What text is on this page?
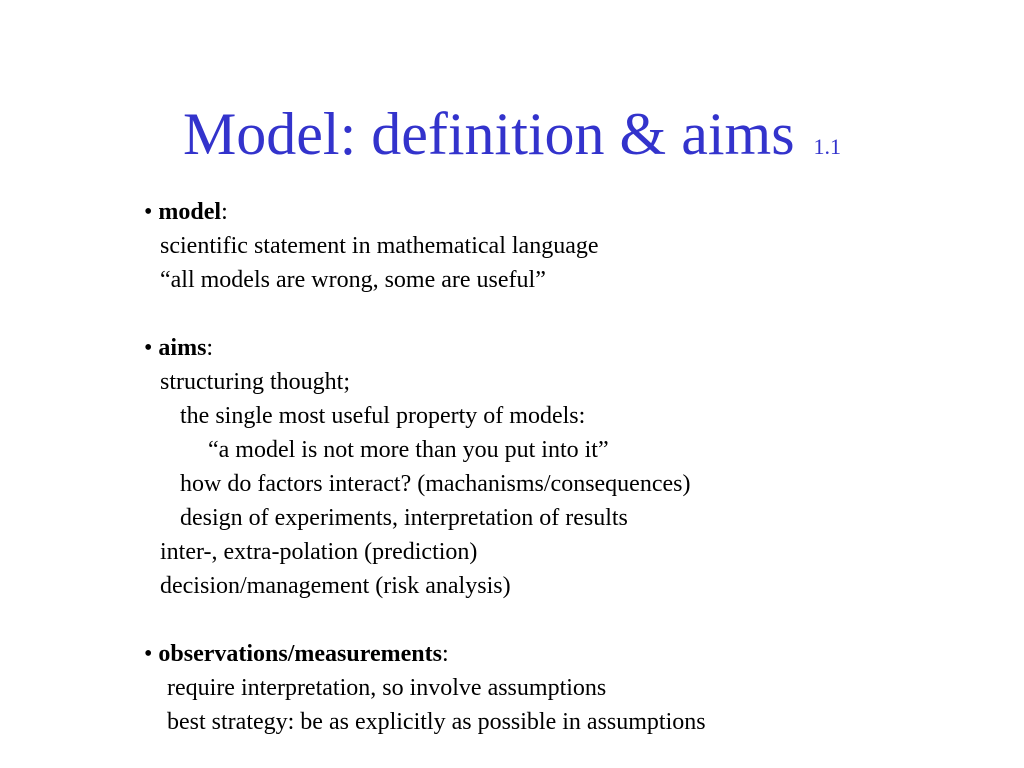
Model: definition & aims 1.1
• model:
scientific statement in mathematical language
“all models are wrong, some are useful”
• aims:
structuring thought;
the single most useful property of models:
“a model is not more than you put into it”
how do factors interact? (machanisms/consequences)
design of experiments, interpretation of results
inter-, extra-polation (prediction)
decision/management (risk analysis)
• observations/measurements:
require interpretation, so involve assumptions
best strategy: be as explicitly as possible in assumptions
